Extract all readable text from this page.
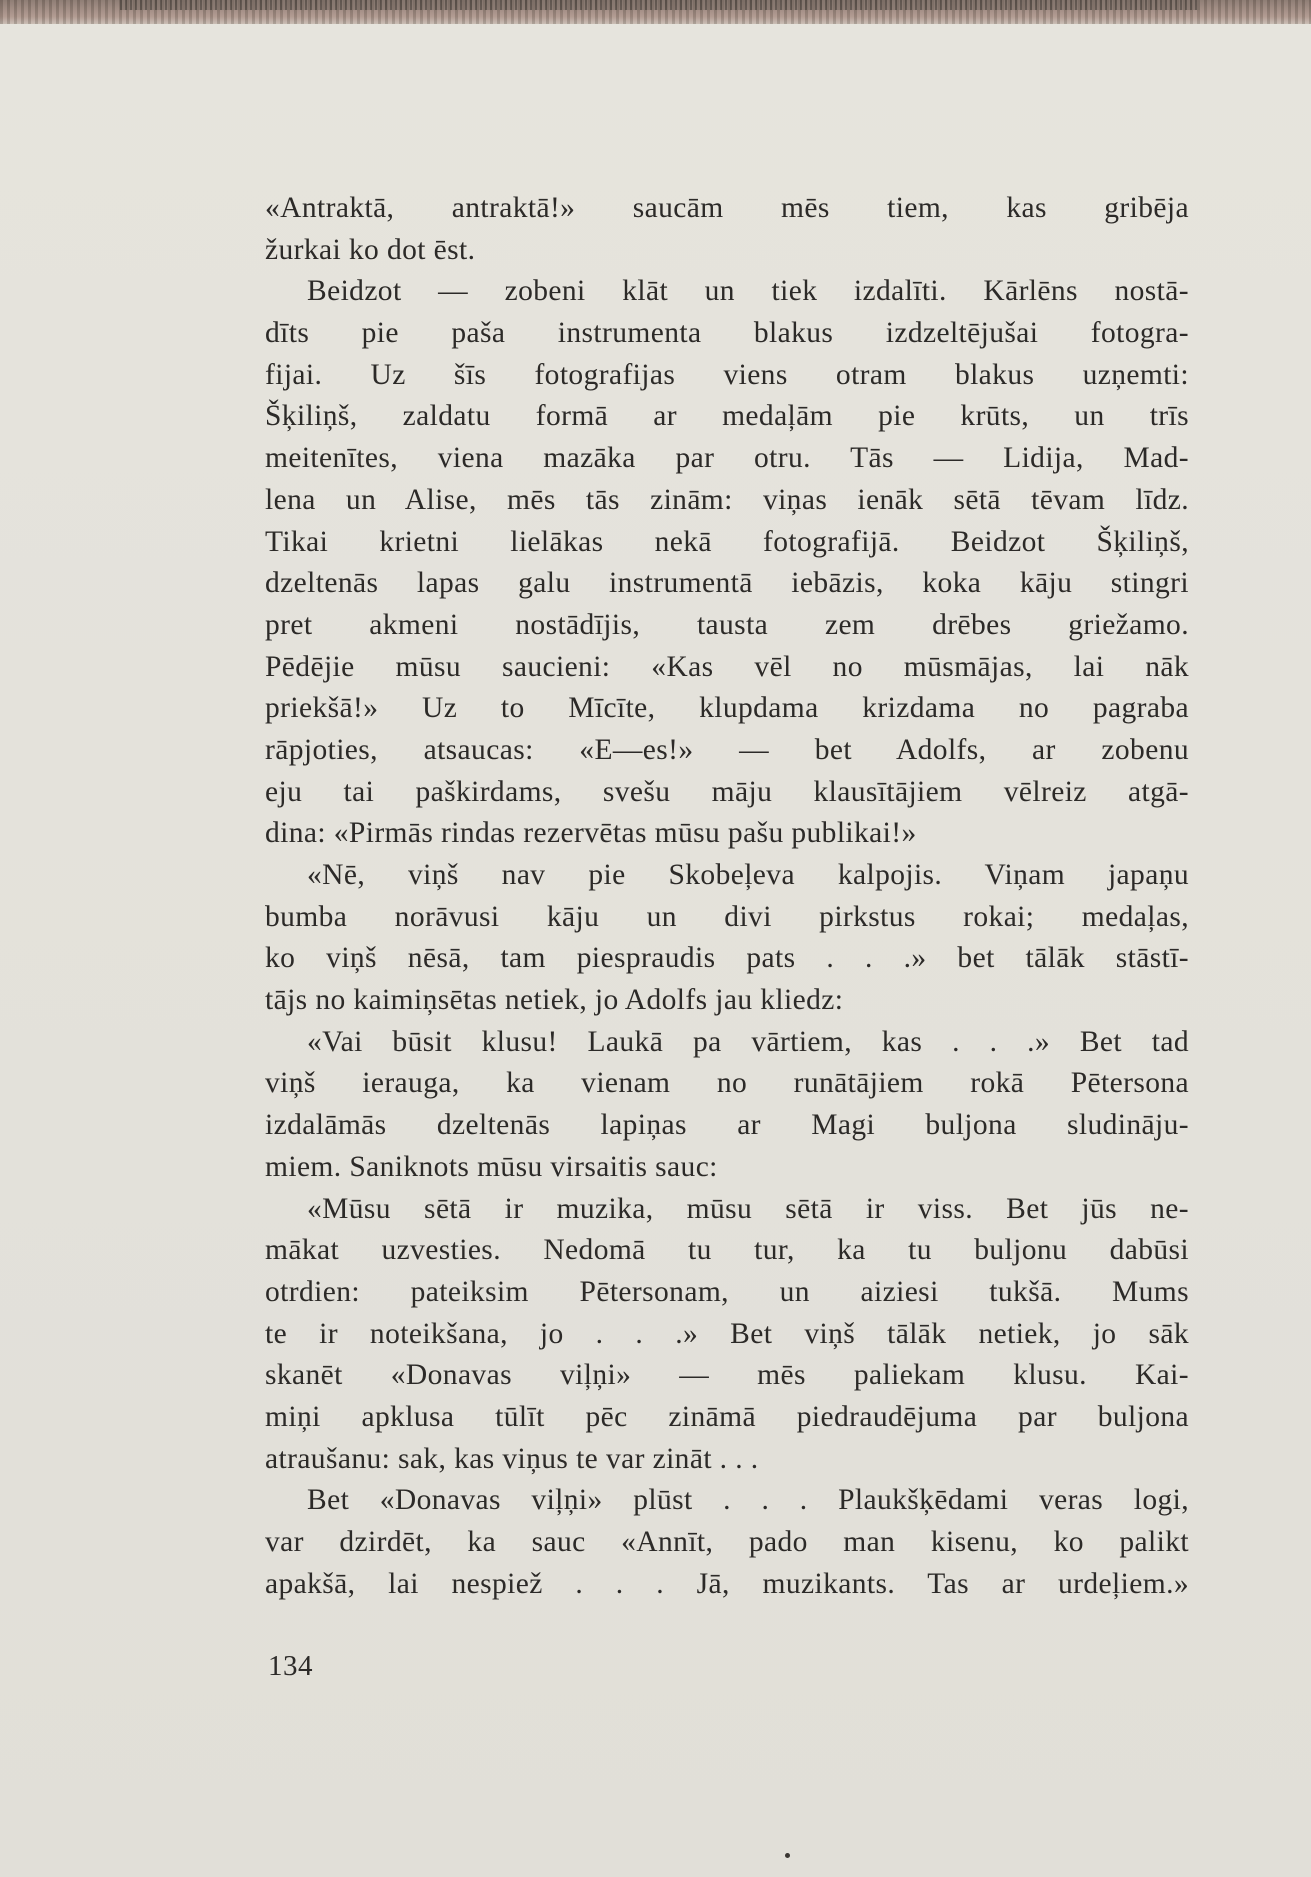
«Antraktā, antraktā!» saucām mēs tiem, kas gribēja
žurkai ko dot ēst.
Beidzot — zobeni klāt un tiek izdalīti. Kārlēns nostā-
dīts pie paša instrumenta blakus izdzeltējušai fotogra-
fijai. Uz šīs fotografijas viens otram blakus uzņemti:
Šķiliņš, zaldatu formā ar medaļām pie krūts, un trīs
meitenītes, viena mazāka par otru. Tās — Lidija, Mad-
lena un Alise, mēs tās zinām: viņas ienāk sētā tēvam līdz.
Tikai krietni lielākas nekā fotografijā. Beidzot Šķiliņš,
dzeltenās lapas galu instrumentā iebāzis, koka kāju stingri
pret akmeni nostādījis, tausta zem drēbes griežamo.
Pēdējie mūsu saucieni: «Kas vēl no mūsmājas, lai nāk
priekšā!» Uz to Mīcīte, klupdama krizdama no pagraba
rāpjoties, atsaucas: «E—es!» — bet Adolfs, ar zobenu
eju tai paškirdams, svešu māju klausītājiem vēlreiz atgā-
dina: «Pirmās rindas rezervētas mūsu pašu publikai!»
«Nē, viņš nav pie Skobeļeva kalpojis. Viņam japaņu
bumba norāvusi kāju un divi pirkstus rokai; medaļas,
ko viņš nēsā, tam piespraudis pats . . .» bet tālāk stāstī-
tājs no kaimiņsētas netiek, jo Adolfs jau kliedz:
«Vai būsit klusu! Laukā pa vārtiem, kas . . .» Bet tad
viņš ierauga, ka vienam no runātājiem rokā Pētersona
izdalāmās dzeltenās lapiņas ar Magi buljona sludināju-
miem. Saniknots mūsu virsaitis sauc:
«Mūsu sētā ir muzika, mūsu sētā ir viss. Bet jūs ne-
mākat uzvesties. Nedomā tu tur, ka tu buljonu dabūsi
otrdien: pateiksim Pētersonam, un aiziesi tukšā. Mums
te ir noteikšana, jo . . .» Bet viņš tālāk netiek, jo sāk
skanēt «Donavas viļņi» — mēs paliekam klusu. Kai-
miņi apklusa tūlīt pēc zināmā piedraudējuma par buljona
atraušanu: sak, kas viņus te var zināt . . .
Bet «Donavas viļņi» plūst . . . Plaukšķēdami veras logi,
var dzirdēt, ka sauc «Annīt, pado man kisenu, ko palikt
apakšā, lai nespiež . . . Jā, muzikants. Tas ar urdeļiem.»
134
